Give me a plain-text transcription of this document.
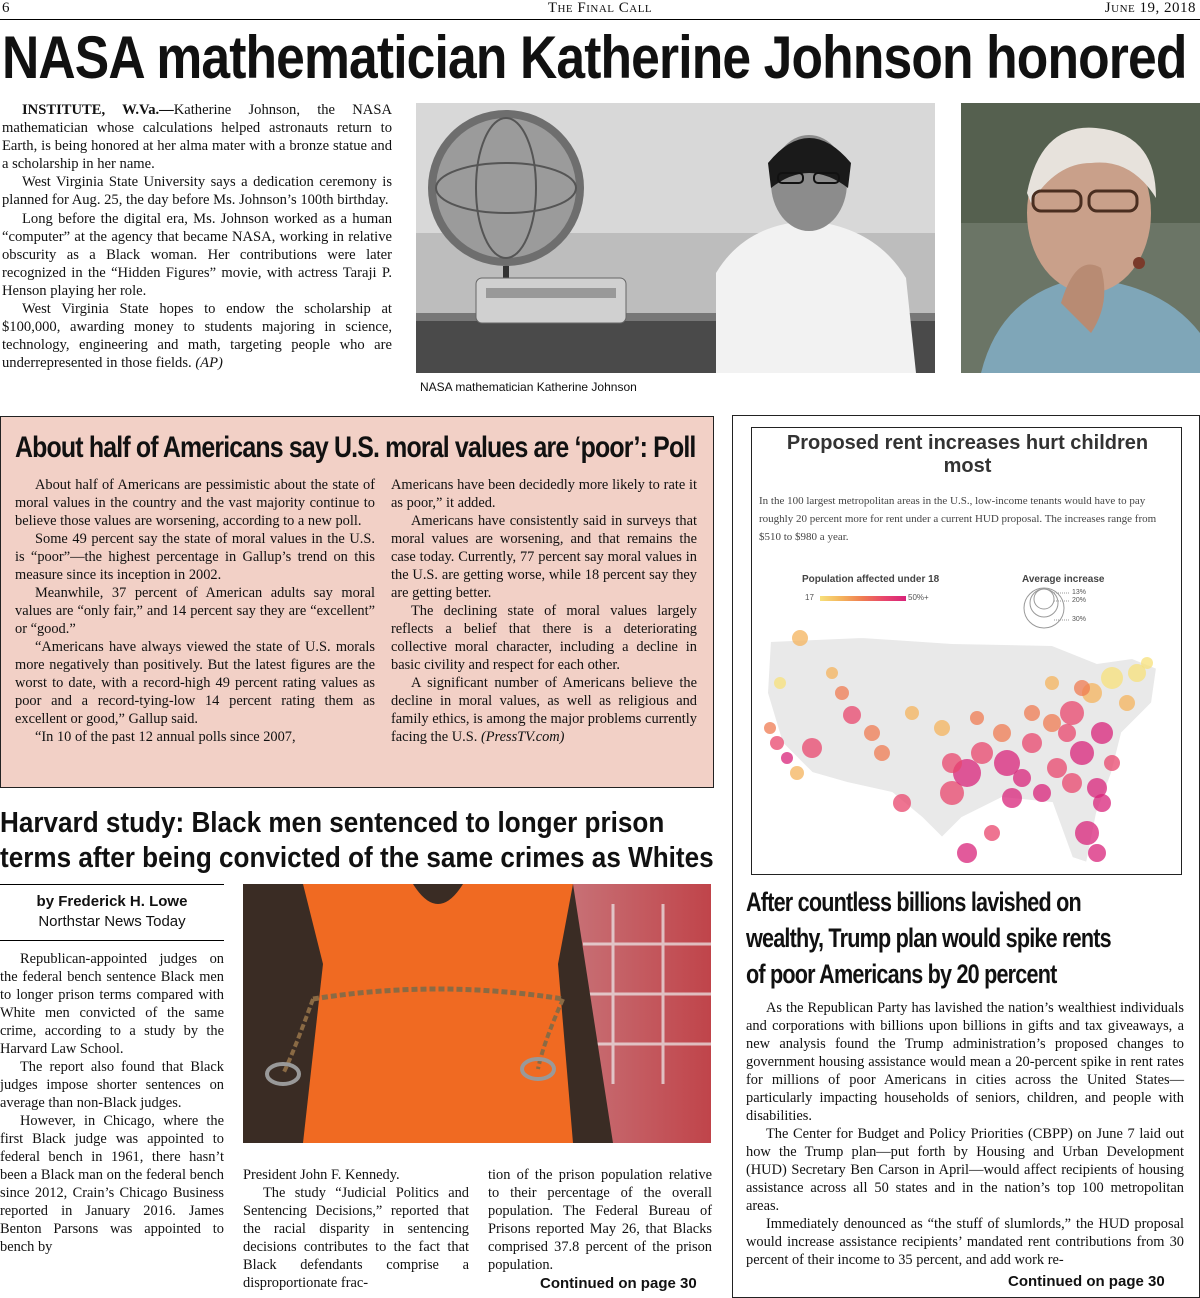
6	The Final Call	June 19, 2018
NASA mathematician Katherine Johnson honored

INSTITUTE, W.Va.—Katherine Johnson, the NASA mathematician whose calculations helped astronauts return to Earth, is being honored at her alma mater with a bronze statue and a scholarship in her name.

West Virginia State University says a dedication ceremony is planned for Aug. 25, the day before Ms. Johnson’s 100th birthday.

Long before the digital era, Ms. Johnson worked as a human “computer” at the agency that became NASA, working in relative obscurity as a Black woman. Her contributions were later recognized in the “Hidden Figures” movie, with actress Taraji P. Henson playing her role.

West Virginia State hopes to endow the scholarship at $100,000, awarding money to students majoring in science, technology, engineering and math, targeting people who are underrepresented in those fields. (AP)

NASA mathematician Katherine Johnson
About half of Americans say U.S. moral values are ‘poor’: Poll

About half of Americans are pessimistic about the state of moral values in the country and the vast majority continue to believe those values are worsening, according to a new poll.

Some 49 percent say the state of moral values in the U.S. is “poor”—the highest percentage in Gallup’s trend on this measure since its inception in 2002.

Meanwhile, 37 percent of American adults say moral values are “only fair,” and 14 percent say they are “excellent” or “good.”

“Americans have always viewed the state of U.S. morals more negatively than positively. But the latest figures are the worst to date, with a record-high 49 percent rating values as poor and a record-tying-low 14 percent rating them as excellent or good,” Gallup said.

“In 10 of the past 12 annual polls since 2007,

Americans have been decidedly more likely to rate it as poor,” it added.

Americans have consistently said in surveys that moral values are worsening, and that remains the case today. Currently, 77 percent say moral values in the U.S. are getting worse, while 18 percent say they are getting better.

The declining state of moral values largely reflects a belief that there is a deteriorating collective moral character, including a decline in basic civility and respect for each other.

A significant number of Americans believe the decline in moral values, as well as religious and family ethics, is among the major problems currently facing the U.S. (PressTV.com)

Harvard study: Black men sentenced to longer prison
terms after being convicted of the same crimes as Whites
by Frederick H. Lowe
Northstar News Today

Republican-appointed judges on the federal bench sentence Black men to longer prison terms compared with White men convicted of the same crime, according to a study by the Harvard Law School.

The report also found that Black judges impose shorter sentences on average than non-Black judges.

However, in Chicago, where the first Black judge was appointed to federal bench in 1961, there hasn’t been a Black man on the federal bench since 2012, Crain’s Chicago Business reported in January 2016. James Benton Parsons was appointed to bench by

President John F. Kennedy.

The study “Judicial Politics and Sentencing Decisions,” reported that the racial disparity in sentencing decisions contributes to the fact that Black defendants comprise a disproportionate frac-

tion of the prison population relative to their percentage of the overall population. The Federal Bureau of Prisons reported May 26, that Blacks comprised 37.8 percent of the prison population.

Continued on page 30
Proposed rent increases hurt children
most
In the 100 largest metropolitan areas in the U.S., low-income tenants would have to pay roughly 20 percent more for rent under a current HUD proposal. The increases range from $510 to $980 a year.
Population affected under 18
17	50%+
Average increase
13%
20%
30%
After countless billions lavished on
wealthy, Trump plan would spike rents
of poor Americans by 20 percent

As the Republican Party has lavished the nation’s wealthiest individuals and corporations with billions upon billions in gifts and tax giveaways, a new analysis found the Trump administration’s proposed changes to government housing assistance would mean a 20-percent spike in rent rates for millions of poor Americans in cities across the United States—particularly impacting households of seniors, children, and people with disabilities.

The Center for Budget and Policy Priorities (CBPP) on June 7 laid out how the Trump plan—put forth by Housing and Urban Development (HUD) Secretary Ben Carson in April—would affect recipients of housing assistance across all 50 states and in the nation’s top 100 metropolitan areas.

Immediately denounced as “the stuff of slumlords,” the HUD proposal would increase assistance recipients’ mandated rent contributions from 30 percent of their income to 35 percent, and add work re-

Continued on page 30
